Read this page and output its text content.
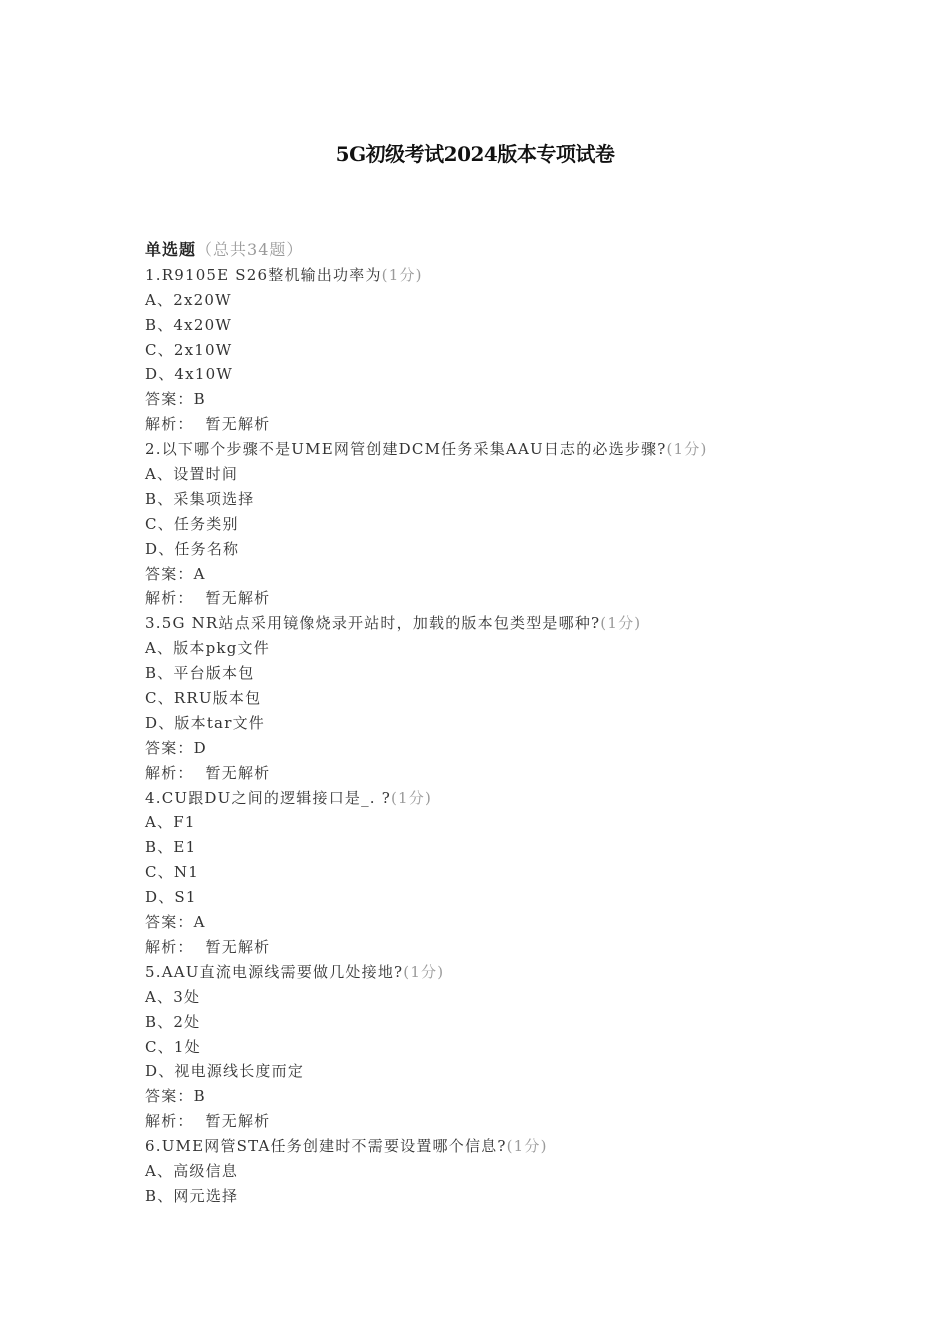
5G初级考试2024版本专项试卷
单选题（总共34题）
1.R9105E S26整机输出功率为(1分)
A、2x20W
B、4x20W
C、2x10W
D、4x10W
答案：B
解析： 暂无解析
2.以下哪个步骤不是UME网管创建DCM任务采集AAU日志的必选步骤?(1分)
A、设置时间
B、采集项选择
C、任务类别
D、任务名称
答案：A
解析： 暂无解析
3.5G NR站点采用镜像烧录开站时，加载的版本包类型是哪种?(1分)
A、版本pkg文件
B、平台版本包
C、RRU版本包
D、版本tar文件
答案：D
解析： 暂无解析
4.CU跟DU之间的逻辑接口是_. ?(1分)
A、F1
B、E1
C、N1
D、S1
答案：A
解析： 暂无解析
5.AAU直流电源线需要做几处接地?(1分)
A、3处
B、2处
C、1处
D、视电源线长度而定
答案：B
解析： 暂无解析
6.UME网管STA任务创建时不需要设置哪个信息?(1分)
A、高级信息
B、网元选择
